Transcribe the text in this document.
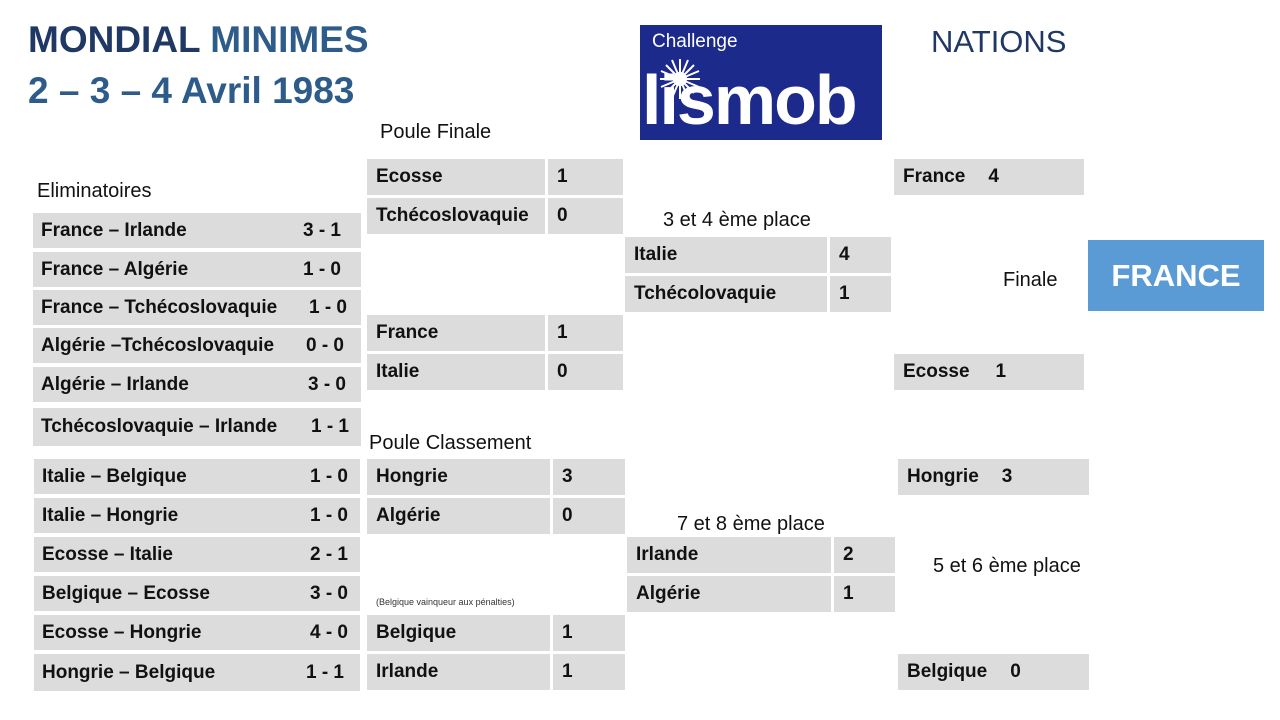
MONDIAL MINIMES
2 – 3 – 4 Avril 1983
NATIONS
Challenge
lismob
Eliminatoires
France – Irlande	3 - 1
France – Algérie	1 - 0
France – Tchécoslovaquie 1 - 0
Algérie –Tchécoslovaquie 0 - 0
Algérie – Irlande	3 - 0
Tchécoslovaquie – Irlande 1 - 1
Italie – Belgique	1 - 0
Italie – Hongrie	1 - 0
Ecosse – Italie	2 - 1
Belgique – Ecosse	3 - 0
Ecosse – Hongrie	4 - 0
Hongrie – Belgique	1 - 1
Poule Finale
Ecosse	1
Tchécoslovaquie	0
France	1
Italie	0
3 et 4 ème place
Italie	4
Tchécolovaquie	1
France 4
Finale	FRANCE
Ecosse 1
Poule Classement
Hongrie	3
Algérie	0
(Belgique vainqueur aux pénalties)
Belgique	1
Irlande	1
7 et 8 ème place
Irlande	2
Algérie	1
Hongrie 3
5 et 6 ème place
Belgique 0
